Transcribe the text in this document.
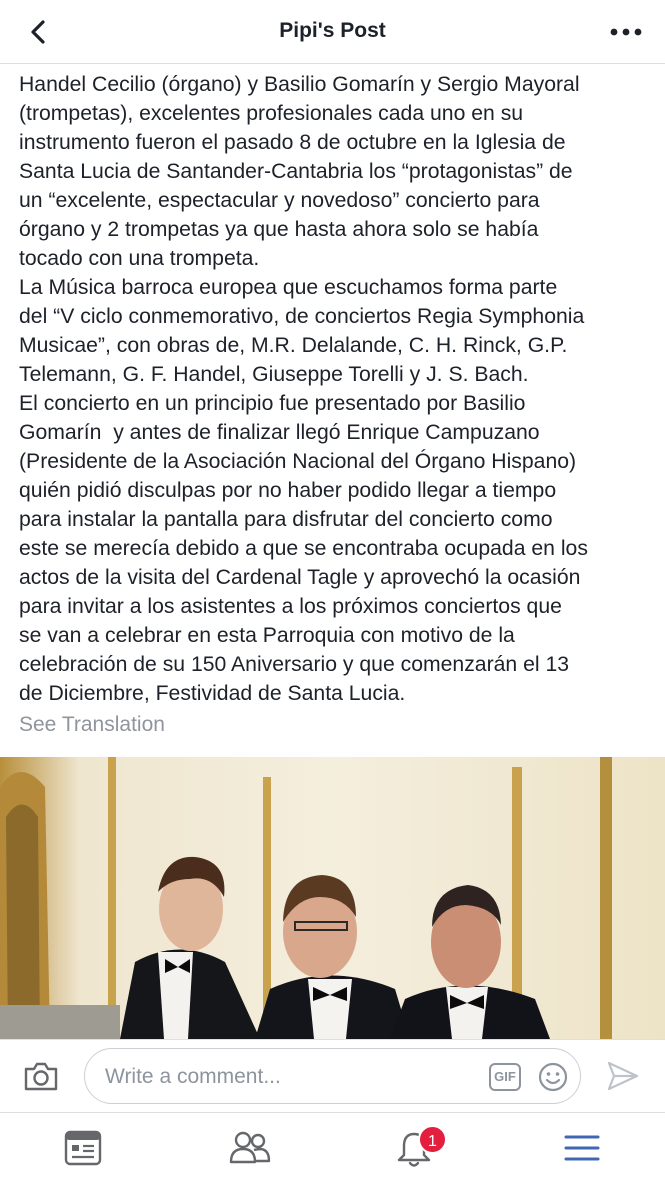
Pipi's Post
Handel Cecilio (órgano) y Basilio Gomarín y Sergio Mayoral
(trompetas), excelentes profesionales cada uno en su
instrumento fueron el pasado 8 de octubre en la Iglesia de
Santa Lucia de Santander-Cantabria los “protagonistas” de
un “excelente, espectacular y novedoso” concierto para
órgano y 2 trompetas ya que hasta ahora solo se había
tocado con una trompeta.
La Música barroca europea que escuchamos forma parte
del “V ciclo conmemorativo, de conciertos Regia Symphonia
Musicae”, con obras de, M.R. Delalande, C. H. Rinck, G.P.
Telemann, G. F. Handel, Giuseppe Torelli y J. S. Bach.
El concierto en un principio fue presentado por Basilio
Gomarín  y antes de finalizar llegó Enrique Campuzano
(Presidente de la Asociación Nacional del Órgano Hispano)
quién pidió disculpas por no haber podido llegar a tiempo
para instalar la pantalla para disfrutar del concierto como
este se merecía debido a que se encontraba ocupada en los
actos de la visita del Cardenal Tagle y aprovechó la ocasión
para invitar a los asistentes a los próximos conciertos que
se van a celebrar en esta Parroquia con motivo de la
celebración de su 150 Aniversario y que comenzarán el 13
de Diciembre, Festividad de Santa Lucia.
See Translation
Write a comment...
GIF
1
